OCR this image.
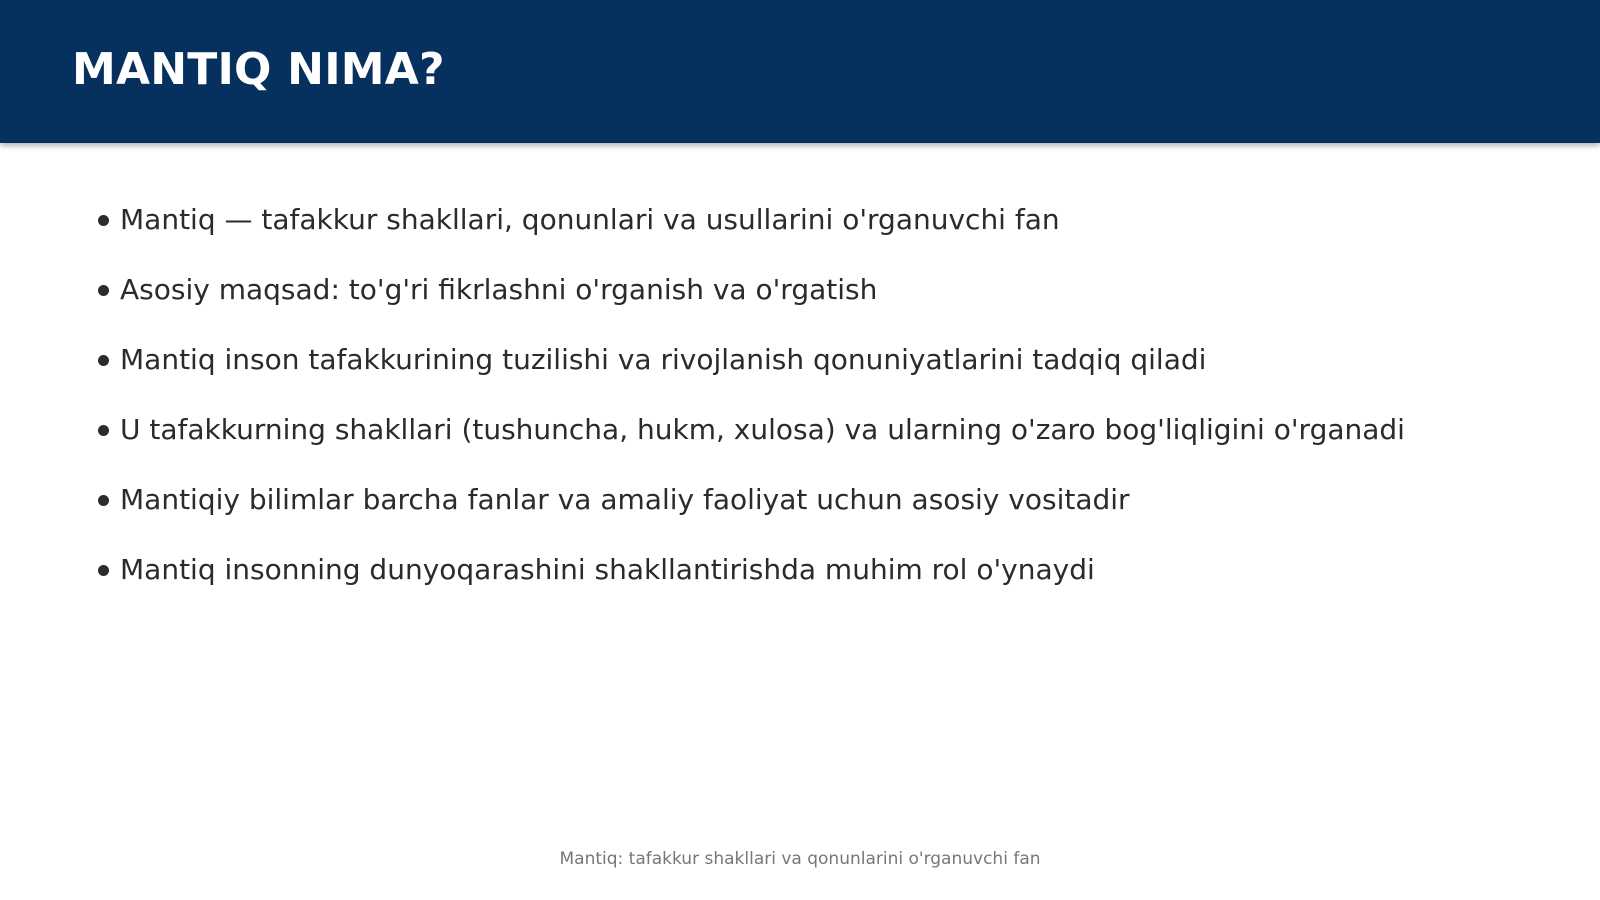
MANTIQ NIMA?
Mantiq — tafakkur shakllari, qonunlari va usullarini o'rganuvchi fan
Asosiy maqsad: to'g'ri fikrlashni o'rganish va o'rgatish
Mantiq inson tafakkurining tuzilishi va rivojlanish qonuniyatlarini tadqiq qiladi
U tafakkurning shakllari (tushuncha, hukm, xulosa) va ularning o'zaro bog'liqligini o'rganadi
Mantiqiy bilimlar barcha fanlar va amaliy faoliyat uchun asosiy vositadir
Mantiq insonning dunyoqarashini shakllantirishda muhim rol o'ynaydi
Mantiq: tafakkur shakllari va qonunlarini o'rganuvchi fan
